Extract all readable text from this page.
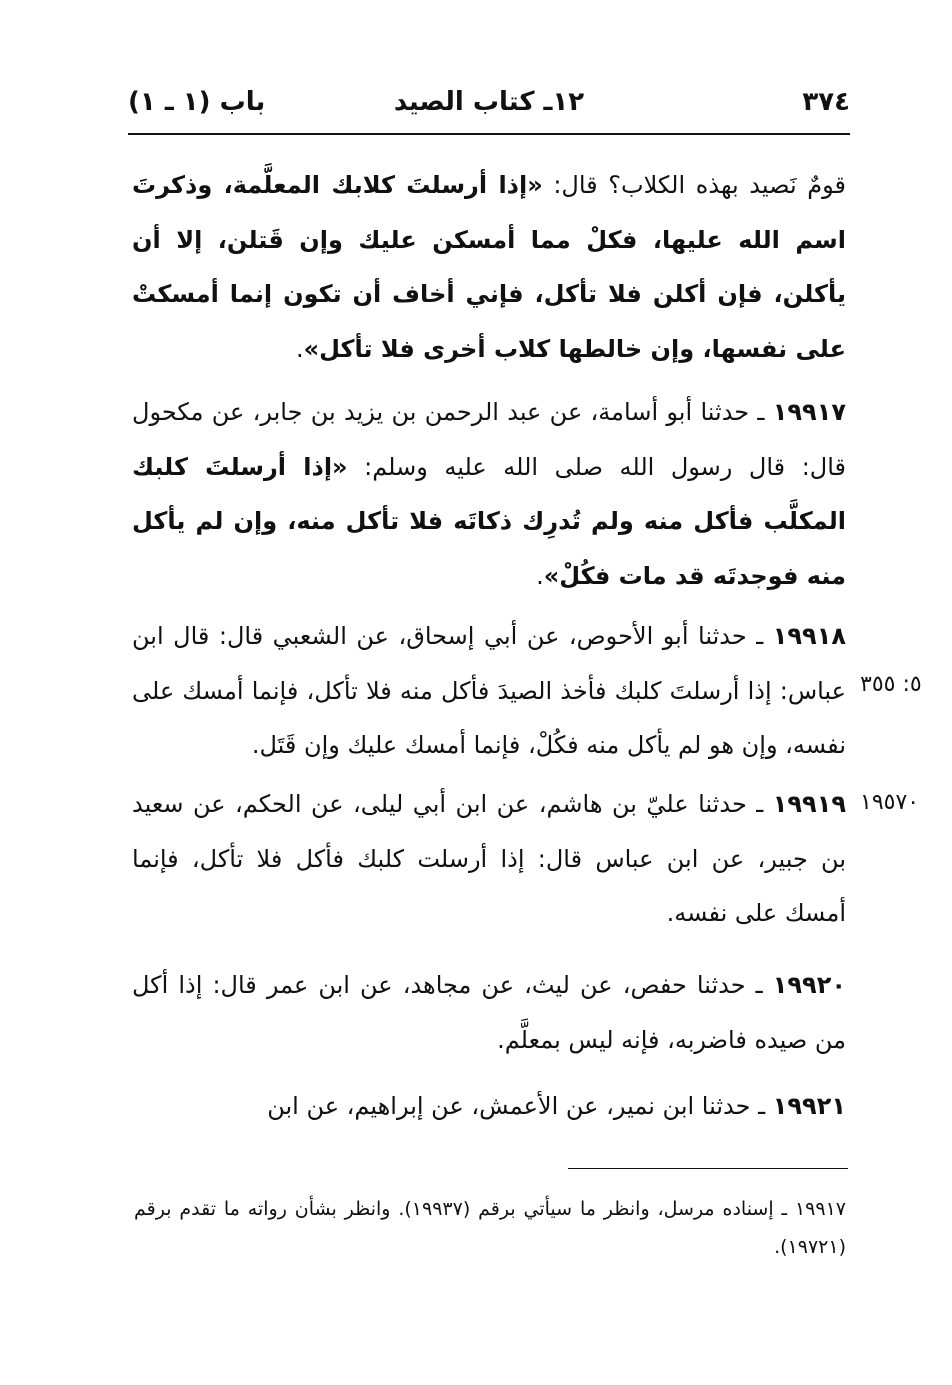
٣٧٤
١٢ـ كتاب الصيد
باب (١ ـ ١)
قومٌ نَصيد بهذه الكلاب؟ قال: «إذا أرسلتَ كلابك المعلَّمة، وذكرتَ اسم الله عليها، فكلْ مما أمسكن عليك وإن قَتلن، إلا أن يأكلن، فإن أكلن فلا تأكل، فإني أخاف أن تكون إنما أمسكتْ على نفسها، وإن خالطها كلاب أخرى فلا تأكل».
١٩٩١٧ ـ حدثنا أبو أسامة، عن عبد الرحمن بن يزيد بن جابر، عن مكحول قال: قال رسول الله صلى الله عليه وسلم: «إذا أرسلتَ كلبك المكلَّب فأكل منه ولم تُدرِك ذكاتَه فلا تأكل منه، وإن لم يأكل منه فوجدتَه قد مات فكُلْ».
١٩٩١٨ ـ حدثنا أبو الأحوص، عن أبي إسحاق، عن الشعبي قال: قال ابن عباس: إذا أرسلتَ كلبك فأخذ الصيدَ فأكل منه فلا تأكل، فإنما أمسك على نفسه، وإن هو لم يأكل منه فكُلْ، فإنما أمسك عليك وإن قَتَل.
١٩٩١٩ ـ حدثنا عليّ بن هاشم، عن ابن أبي ليلى، عن الحكم، عن سعيد بن جبير، عن ابن عباس قال: إذا أرسلت كلبك فأكل فلا تأكل، فإنما أمسك على نفسه.
١٩٩٢٠ ـ حدثنا حفص، عن ليث، عن مجاهد، عن ابن عمر قال: إذا أكل من صيده فاضربه، فإنه ليس بمعلَّم.
١٩٩٢١ ـ حدثنا ابن نمير، عن الأعمش، عن إبراهيم، عن ابن
٥: ٣٥٥
١٩٥٧٠
١٩٩١٧ ـ إسناده مرسل، وانظر ما سيأتي برقم (١٩٩٣٧). وانظر بشأن رواته ما تقدم برقم (١٩٧٢١).
